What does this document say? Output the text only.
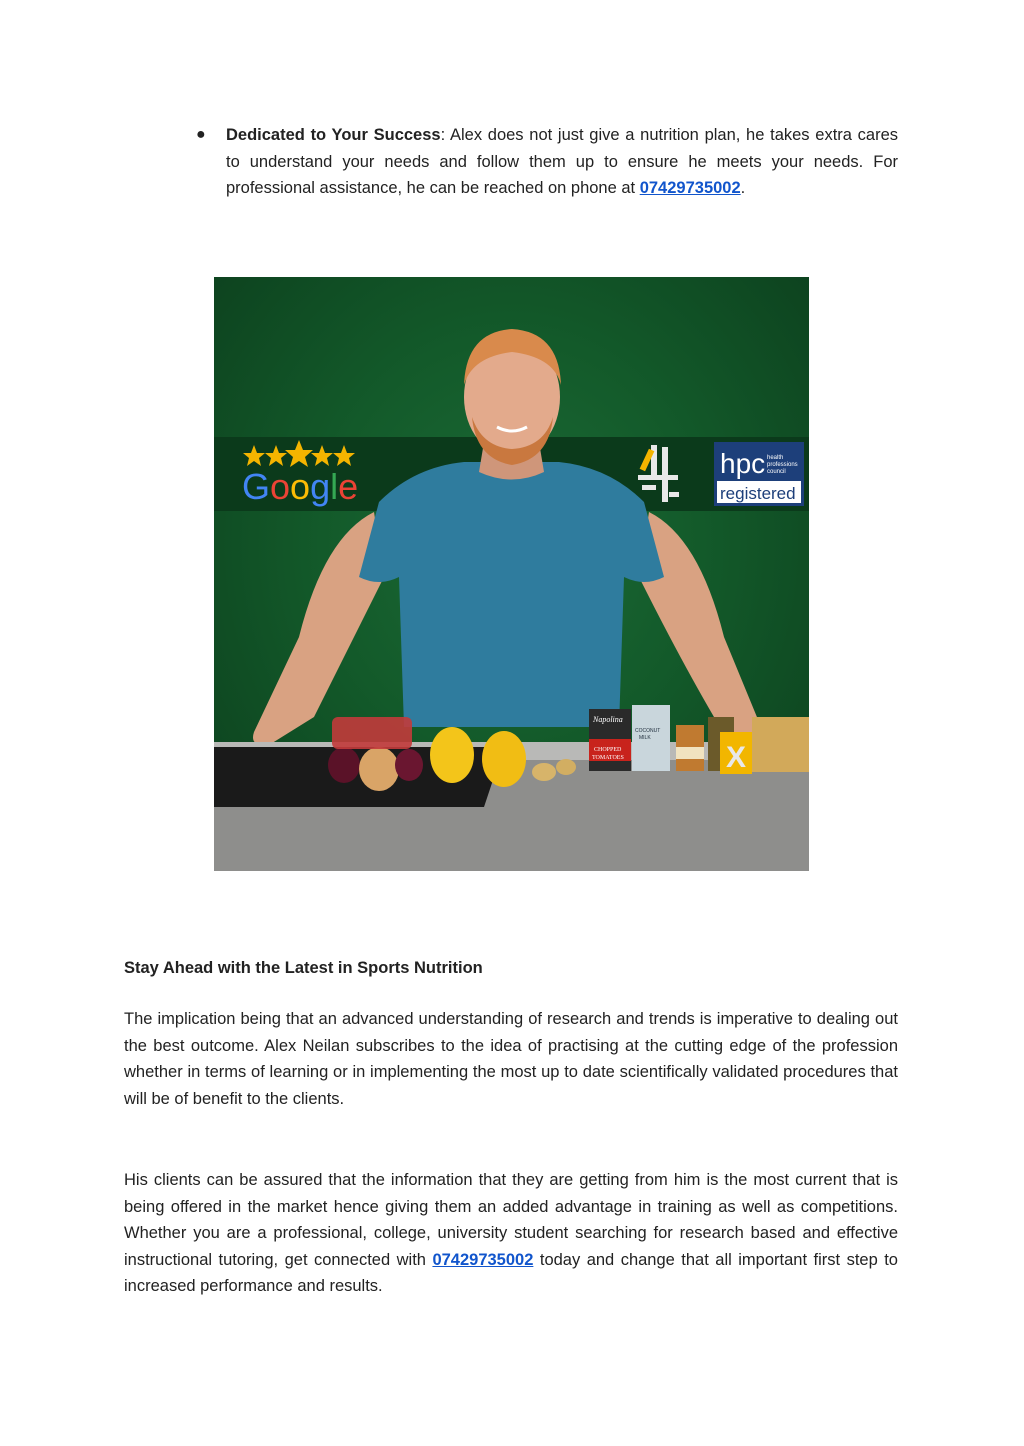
● Dedicated to Your Success: Alex does not just give a nutrition plan, he takes extra cares to understand your needs and follow them up to ensure he meets your needs. For professional assistance, he can be reached on phone at 07429735002.
Google
hpc health
professions
council
registered
Napolina
CHOPPED
TOMATOES
COCONUT
MILK
X
Stay Ahead with the Latest in Sports Nutrition
The implication being that an advanced understanding of research and trends is imperative to dealing out the best outcome. Alex Neilan subscribes to the idea of practising at the cutting edge of the profession whether in terms of learning or in implementing the most up to date scientifically validated procedures that will be of benefit to the clients.
His clients can be assured that the information that they are getting from him is the most current that is being offered in the market hence giving them an added advantage in training as well as competitions. Whether you are a professional, college, university student searching for research based and effective instructional tutoring, get connected with 07429735002 today and change that all important first step to increased performance and results.
